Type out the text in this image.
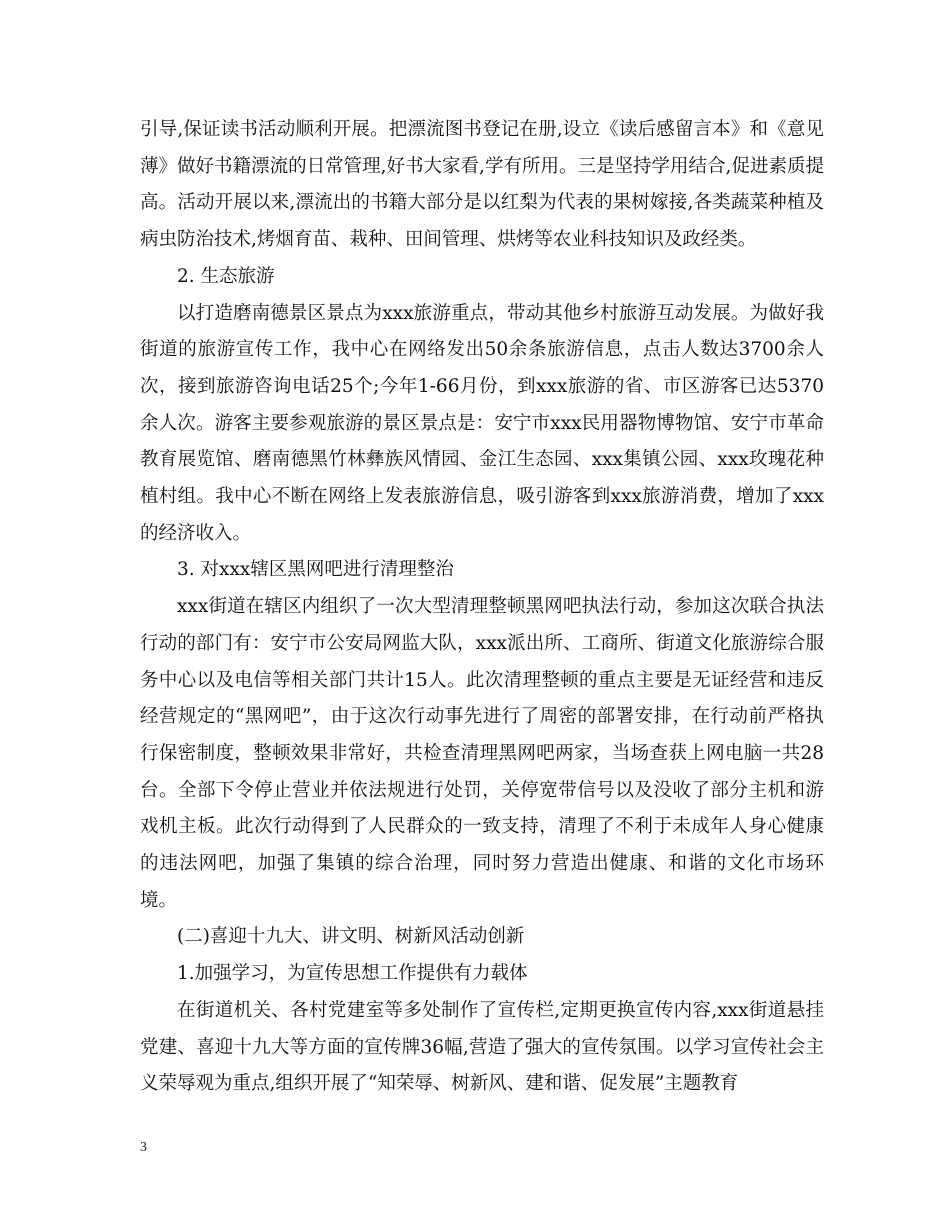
引导,保证读书活动顺利开展。把漂流图书登记在册,设立《读后感留言本》和《意见薄》做好书籍漂流的日常管理,好书大家看,学有所用。三是坚持学用结合,促进素质提高。活动开展以来,漂流出的书籍大部分是以红梨为代表的果树嫁接,各类蔬菜种植及病虫防治技术,烤烟育苗、栽种、田间管理、烘烤等农业科技知识及政经类。

2. 生态旅游

以打造磨南德景区景点为xxx旅游重点，带动其他乡村旅游互动发展。为做好我街道的旅游宣传工作，我中心在网络发出50余条旅游信息，点击人数达3700余人次，接到旅游咨询电话25个;今年1-66月份，到xxx旅游的省、市区游客已达5370余人次。游客主要参观旅游的景区景点是：安宁市xxx民用器物博物馆、安宁市革命教育展览馆、磨南德黑竹林彝族风情园、金江生态园、xxx集镇公园、xxx玫瑰花种植村组。我中心不断在网络上发表旅游信息，吸引游客到xxx旅游消费，增加了xxx的经济收入。

3. 对xxx辖区黑网吧进行清理整治

xxx街道在辖区内组织了一次大型清理整顿黑网吧执法行动，参加这次联合执法行动的部门有：安宁市公安局网监大队，xxx派出所、工商所、街道文化旅游综合服务中心以及电信等相关部门共计15人。此次清理整顿的重点主要是无证经营和违反经营规定的“黑网吧”，由于这次行动事先进行了周密的部署安排，在行动前严格执行保密制度，整顿效果非常好，共检查清理黑网吧两家，当场查获上网电脑一共28 台。全部下令停止营业并依法规进行处罚，关停宽带信号以及没收了部分主机和游戏机主板。此次行动得到了人民群众的一致支持，清理了不利于未成年人身心健康的违法网吧，加强了集镇的综合治理，同时努力营造出健康、和谐的文化市场环境。

(二)喜迎十九大、讲文明、树新风活动创新

1.加强学习，为宣传思想工作提供有力载体

在街道机关、各村党建室等多处制作了宣传栏,定期更换宣传内容,xxx街道悬挂党建、喜迎十九大等方面的宣传牌36幅,营造了强大的宣传氛围。以学习宣传社会主义荣辱观为重点,组织开展了“知荣辱、树新风、建和谐、促发展”主题教育

3
